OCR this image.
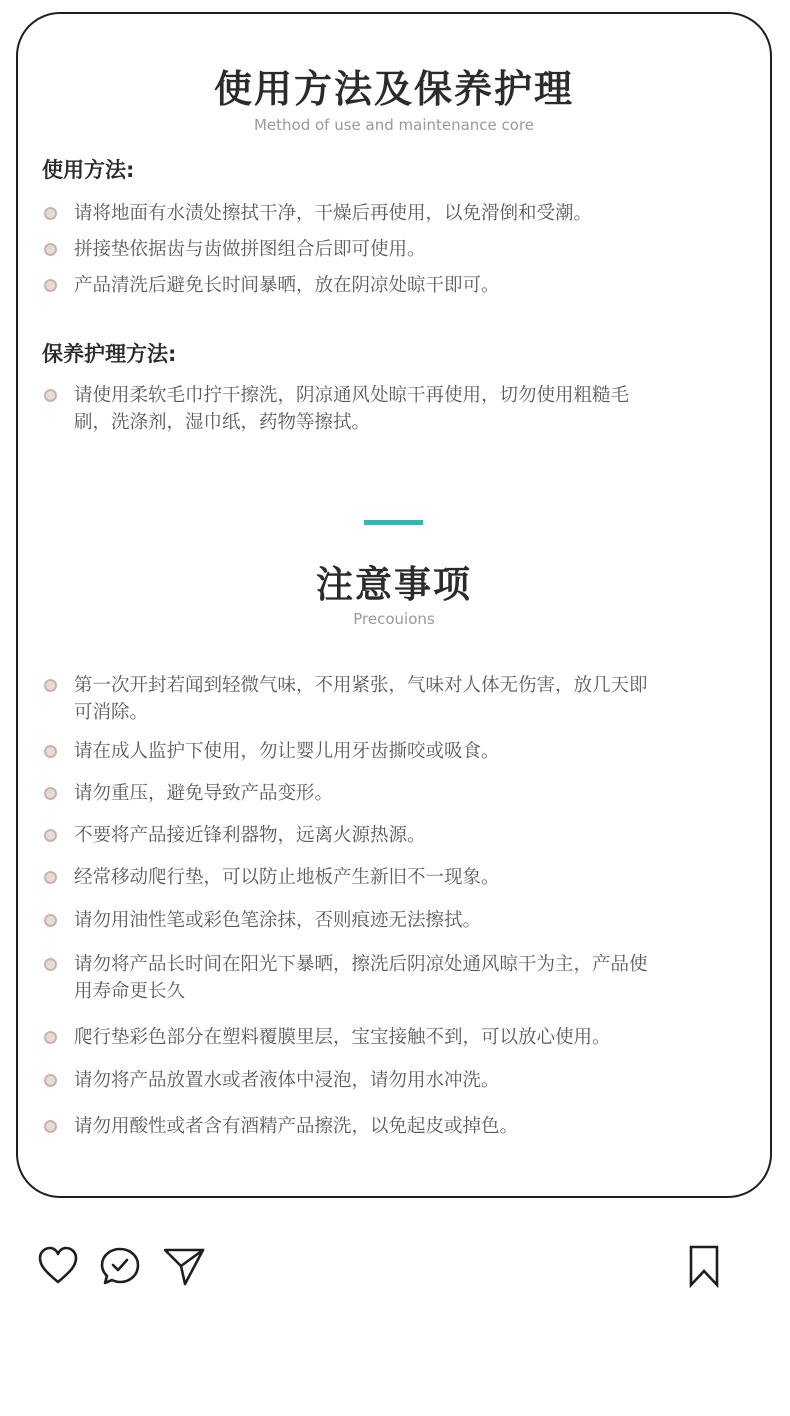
使用方法及保养护理
Method of use and maintenance core
使用方法:
请将地面有水渍处擦拭干净，干燥后再使用，以免滑倒和受潮。
拼接垫依据齿与齿做拼图组合后即可使用。
产品清洗后避免长时间暴晒，放在阴凉处晾干即可。
保养护理方法:
请使用柔软毛巾拧干擦洗，阴凉通风处晾干再使用，切勿使用粗糙毛刷，洗涤剂，湿巾纸，药物等擦拭。
注意事项
Precouions
第一次开封若闻到轻微气味，不用紧张，气味对人体无伤害，放几天即可消除。
请在成人监护下使用，勿让婴儿用牙齿撕咬或吸食。
请勿重压，避免导致产品变形。
不要将产品接近锋利器物，远离火源热源。
经常移动爬行垫，可以防止地板产生新旧不一现象。
请勿用油性笔或彩色笔涂抹，否则痕迹无法擦拭。
请勿将产品长时间在阳光下暴晒，擦洗后阴凉处通风晾干为主，产品使用寿命更长久
爬行垫彩色部分在塑料覆膜里层，宝宝接触不到，可以放心使用。
请勿将产品放置水或者液体中浸泡，请勿用水冲洗。
请勿用酸性或者含有酒精产品擦洗，以免起皮或掉色。
